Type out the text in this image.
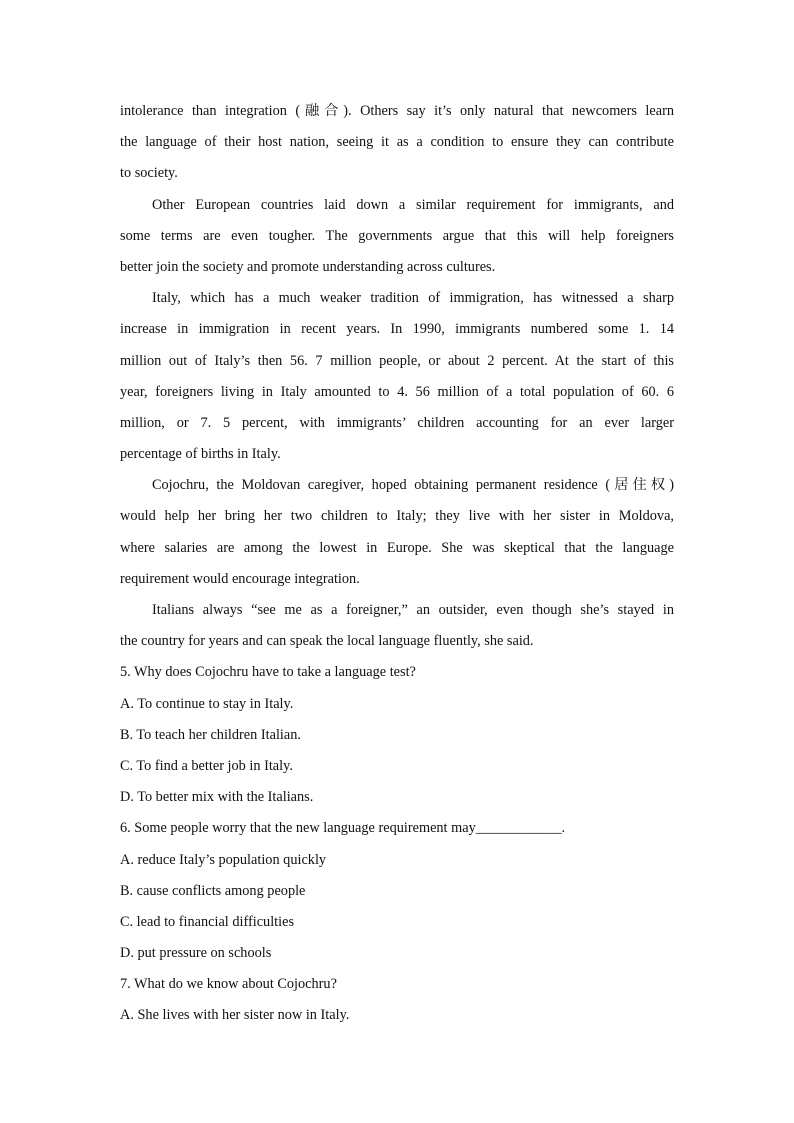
intolerance than integration (融合). Others say it’s only natural that newcomers learn
the language of their host nation, seeing it as a condition to ensure they can contribute
to society.
Other European countries laid down a similar requirement for immigrants, and
some terms are even tougher. The governments argue that this will help foreigners
better join the society and promote understanding across cultures.
Italy, which has a much weaker tradition of immigration, has witnessed a sharp
increase in immigration in recent years. In 1990, immigrants numbered some 1. 14
million out of Italy’s then 56. 7 million people, or about 2 percent. At the start of this
year, foreigners living in Italy amounted to 4. 56 million of a total population of 60. 6
million, or 7. 5 percent, with immigrants’ children accounting for an ever larger
percentage of births in Italy.
Cojochru, the Moldovan caregiver, hoped obtaining permanent residence (居住权)
would help her bring her two children to Italy; they live with her sister in Moldova,
where salaries are among the lowest in Europe. She was skeptical that the language
requirement would encourage integration.
Italians always “see me as a foreigner,” an outsider, even though she’s stayed in
the country for years and can speak the local language fluently, she said.
5. Why does Cojochru have to take a language test?
A. To continue to stay in Italy.
B. To teach her children Italian.
C. To find a better job in Italy.
D. To better mix with the Italians.
6. Some people worry that the new language requirement may____________.
A. reduce Italy’s population quickly
B. cause conflicts among people
C. lead to financial difficulties
D. put pressure on schools
7. What do we know about Cojochru?
A. She lives with her sister now in Italy.
